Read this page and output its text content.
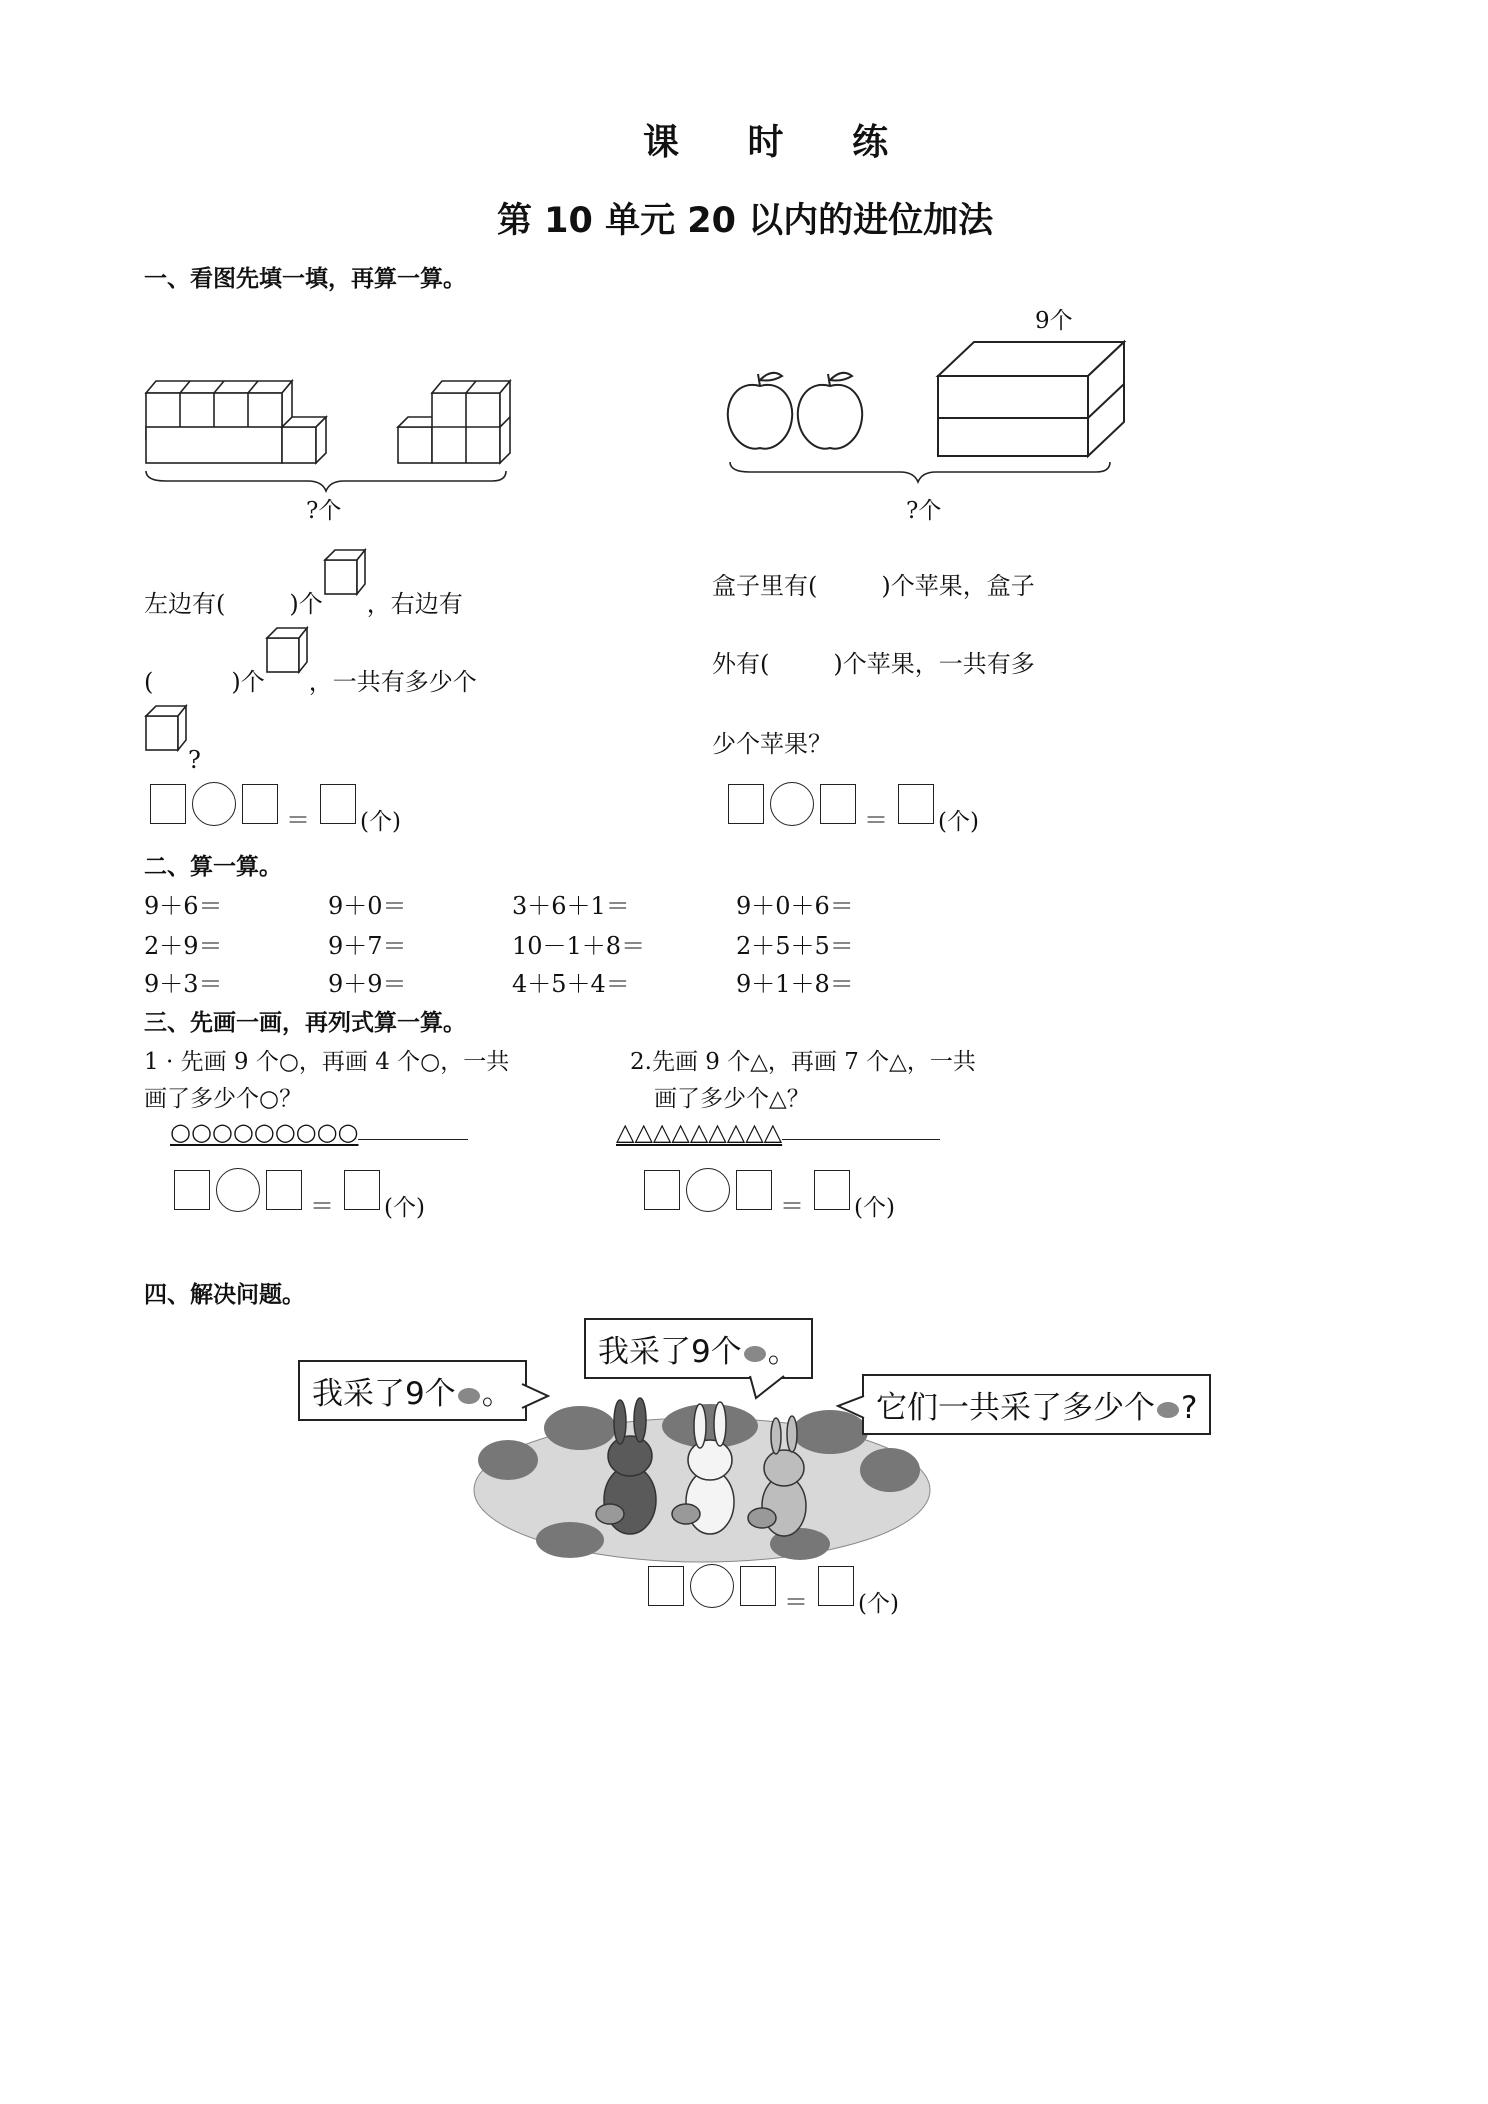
课 时 练
第 10 单元 20 以内的进位加法
一、看图先填一填，再算一算。
?个
9个
?个
左边有(	)个 ，右边有
(	)个 ，一共有多少个
?
盒子里有(	)个苹果，盒子
外有(	)个苹果，一共有多
少个苹果？
＝ (个)	＝ (个)
二、算一算。
9＋6＝	9＋0＝	3＋6＋1＝	9＋0＋6＝
2＋9＝	9＋7＝	10－1＋8＝	2＋5＋5＝
9＋3＝	9＋9＝	4＋5＋4＝	9＋1＋8＝
三、先画一画，再列式算一算。
1 · 先画 9 个○，再画 4 个○，一共
画了多少个○？
○○○○○○○○○
2.先画 9 个△，再画 7 个△，一共
画了多少个△？
△△△△△△△△△
＝ (个)	＝ (个)
四、解决问题。
我采了9个 。
我采了9个 。	它们一共采了多少个 ?
＝ (个)
